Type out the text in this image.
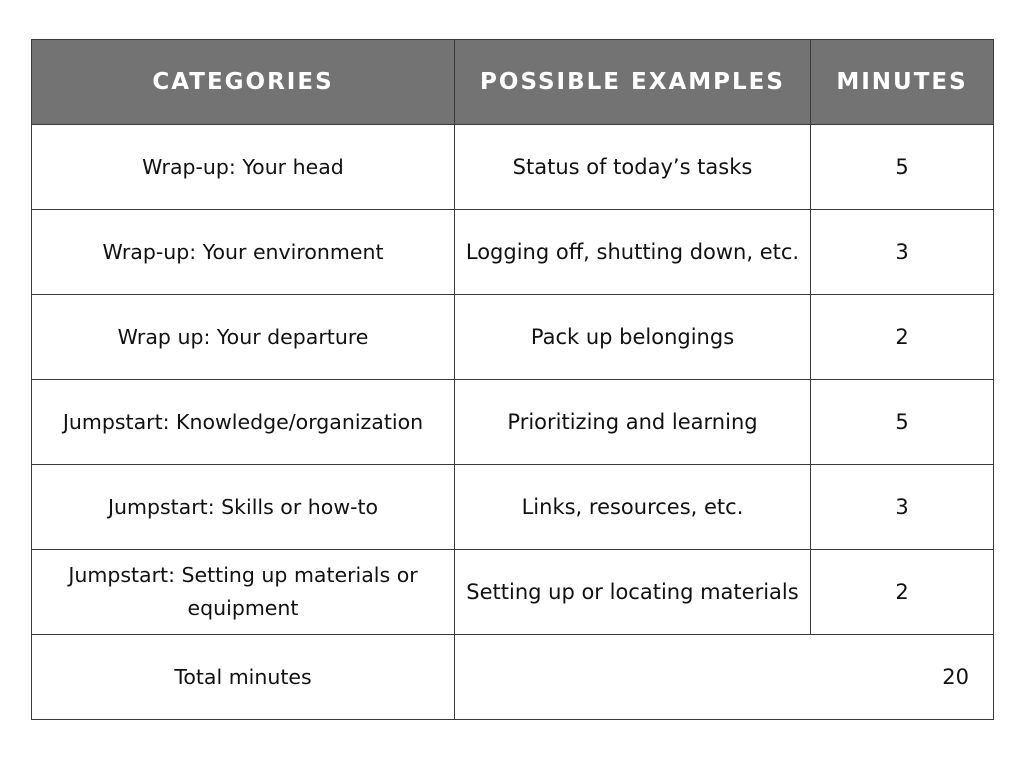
CATEGORIES	POSSIBLE EXAMPLES	MINUTES
Wrap-up: Your head	Status of today’s tasks	5
Wrap-up: Your environment	Logging off, shutting down, etc.	3
Wrap up: Your departure	Pack up belongings	2
Jumpstart: Knowledge/organization	Prioritizing and learning	5
Jumpstart: Skills or how-to	Links, resources, etc.	3
Jumpstart: Setting up materials or equipment	Setting up or locating materials	2
Total minutes	20	
